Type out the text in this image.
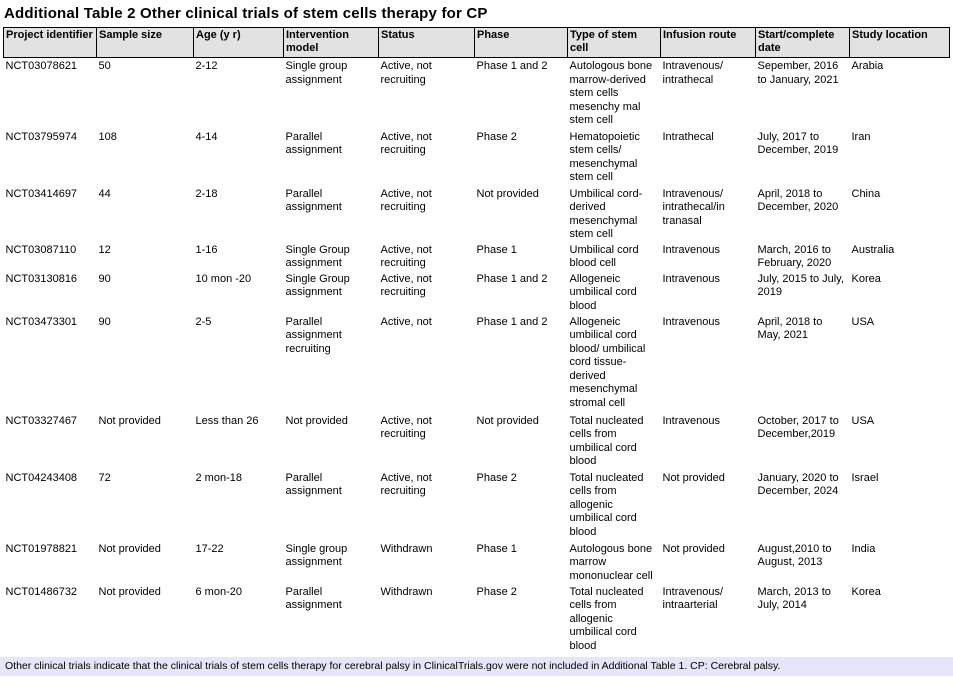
Additional Table 2 Other clinical trials of stem cells therapy for CP
Project identifier	Sample size	Age (y r)	Intervention model	Status	Phase	Type of stem cell	Infusion route	Start/complete date	Study location
NCT03078621	50	2-12	Single group assignment	Active, not recruiting	Phase 1 and 2	Autologous bone marrow-derived stem cells mesenchy mal stem cell	Intravenous/ intrathecal	Sepember, 2016 to January, 2021	Arabia
NCT03795974	108	4-14	Parallel assignment	Active, not recruiting	Phase 2	Hematopoietic stem cells/ mesenchymal stem cell	Intrathecal	July, 2017 to December, 2019	Iran
NCT03414697	44	2-18	Parallel assignment	Active, not recruiting	Not provided	Umbilical cord-derived mesenchymal stem cell	Intravenous/ intrathecal/in tranasal	April, 2018 to December, 2020	China
NCT03087110	12	1-16	Single Group assignment	Active, not recruiting	Phase 1	Umbilical cord blood cell	Intravenous	March, 2016 to February, 2020	Australia
NCT03130816	90	10 mon -20	Single Group assignment	Active, not recruiting	Phase 1 and 2	Allogeneic umbilical cord blood	Intravenous	July, 2015 to July, 2019	Korea
NCT03473301	90	2-5	Parallel assignment recruiting	Active, not	Phase 1 and 2	Allogeneic umbilical cord blood/ umbilical cord tissue-derived mesenchymal stromal cell	Intravenous	April, 2018 to May, 2021	USA
NCT03327467	Not provided	Less than 26	Not provided	Active, not recruiting	Not provided	Total nucleated cells from umbilical cord blood	Intravenous	October, 2017 to December,2019	USA
NCT04243408	72	2 mon-18	Parallel assignment	Active, not recruiting	Phase 2	Total nucleated cells from allogenic umbilical cord blood	Not provided	January, 2020 to December, 2024	Israel
NCT01978821	Not provided	17-22	Single group assignment	Withdrawn	Phase 1	Autologous bone marrow mononuclear cell	Not provided	August,2010 to August, 2013	India
NCT01486732	Not provided	6 mon-20	Parallel assignment	Withdrawn	Phase 2	Total nucleated cells from allogenic umbilical cord blood	Intravenous/ intraarterial	March, 2013 to July, 2014	Korea
Other clinical trials indicate that the clinical trials of stem cells therapy for cerebral palsy in ClinicalTrials.gov were not included in Additional Table 1. CP: Cerebral palsy.
